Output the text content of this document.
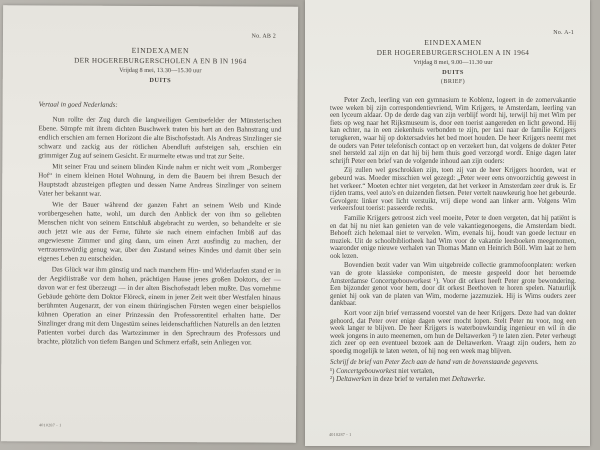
No. AB 2
EINDEXAMEN
DER HOGEREBURGERSCHOLEN A EN B IN 1964
Vrijdag 8 mei, 13.30—15.30 uur
DUITS

Vertaal in goed Nederlands:

Nun rollte der Zug durch die langweiligen Gemüsefelder der Münsterischen Ebene. Sümpfe mit ihrem dichten Buschwerk traten bis hart an den Bahnstrang und endlich erschien am fernen Horizont die alte Bischofsstadt. Als Andreas Sinzlinger sie schwarz und zackig aus der rötlichen Abendluft aufsteigen sah, erschien ein grimmiger Zug auf seinem Gesicht. Er murmelte etwas und trat zur Seite.

Mit seiner Frau und seinem blinden Kinde nahm er nicht weit vom „Romberger Hof“ in einem kleinen Hotel Wohnung, in dem die Bauern bei ihrem Besuch der Hauptstadt abzusteigen pflegten und dessen Name Andreas Sinzlinger von seinem Vater her bekannt war.

Wie der Bauer während der ganzen Fahrt an seinem Weib und Kinde vorübergesehen hatte, wohl, um durch den Anblick der von ihm so geliebten Menschen nicht von seinem Entschluß abgebracht zu werden, so behandelte er sie auch jetzt wie aus der Ferne, führte sie nach einem einfachen Imbiß auf das angewiesene Zimmer und ging dann, um einen Arzt ausfindig zu machen, der vertrauenswürdig genug war, über den Zustand seines Kindes und damit über sein eigenes Leben zu entscheiden.

Das Glück war ihm günstig und nach manchem Hin- und Widerlaufen stand er in der Aegidiistraße vor dem hohen, prächtigen Hause jenes großen Doktors, der — davon war er fest überzeugt — in der alten Bischofsstadt leben mußte. Das vornehme Gebäude gehörte dem Doktor Flöreck, einem in jener Zeit weit über Westfalen hinaus berühmten Augenarzt, der von einem thüringischen Fürsten wegen einer beispiellos kühnen Operation an einer Prinzessin den Professorentitel erhalten hatte. Der Sinzlinger drang mit dem Ungestüm seines leidenschaftlichen Naturells an den letzten Patienten vorbei durch das Wartezimmer in den Sprechraum des Professors und brachte, plötzlich von tiefem Bangen und Schmerz erfaßt, sein Anliegen vor.

4010287 - 1
No. A-1
EINDEXAMEN
DER HOGEREBURGERSCHOLEN A IN 1964
Vrijdag 8 mei, 9.00—11.30 uur
DUITS
(BRIEF)

Peter Zech, leerling van een gymnasium te Koblenz, logeert in de zomervakantie twee weken bij zijn correspondentievriend, Wim Krijgers, te Amsterdam, leerling van een lyceum aldaar. Op de derde dag van zijn verblijf wordt hij, terwijl hij met Wim per fiets op weg naar het Rijksmuseum is, door een toerist aangereden en licht gewond. Hij kan echter, na in een ziekenhuis verbonden te zijn, per taxi naar de familie Krijgers terugkeren, waar hij op doktersadvies het bed moet houden. De heer Krijgers neemt met de ouders van Peter telefonisch contact op en verzekert hun, dat volgens de dokter Peter snel hersteld zal zijn en dat hij bij hem thuis goed verzorgd wordt. Enige dagen later schrijft Peter een brief van de volgende inhoud aan zijn ouders:

Zij zullen wel geschrokken zijn, toen zij van de heer Krijgers hoorden, wat er gebeurd was. Moeder misschien wel gezegd: „Peter weer eens onvoorzichtig geweest in het verkeer.“ Moeten echter niet vergeten, dat het verkeer in Amsterdam zeer druk is. Er rijden trams, veel auto's en duizenden fietsen. Peter vertelt nauwkeurig hoe het gebeurde. Gevolgen: linker voet licht verstuikt, vrij diepe wond aan linker arm. Volgens Wim verkeersfout toerist: passeerde rechts.

Familie Krijgers getroost zich veel moeite, Peter te doen vergeten, dat hij patiënt is en dat hij nu niet kan genieten van de vele vakantiegenoegens, die Amsterdam biedt. Behoeft zich helemaal niet te vervelen. Wim, evenals hij, houdt van goede lectuur en muziek. Uit de schoolbibliotheek had Wim voor de vakantie leesboeken meegenomen, waaronder enige nieuwe verhalen van Thomas Mann en Heinrich Böll. Wim laat ze hem ook lezen.

Bovendien bezit vader van Wim uitgebreide collectie grammofoonplaten: werken van de grote klassieke componisten, de meeste gespeeld door het beroemde Amsterdamse Concertgebouworkest ¹). Voor dit orkest heeft Peter grote bewondering. Een bijzonder genot voor hem, door dit orkest Beethoven te horen spelen. Natuurlijk geniet hij ook van de platen van Wim, moderne jazzmuziek. Hij is Wims ouders zeer dankbaar.

Kort voor zijn brief verrassend voorstel van de heer Krijgers. Deze had van dokter gehoord, dat Peter over enige dagen weer mocht lopen. Stelt Peter nu voor, nog een week langer te blijven. De heer Krijgers is waterbouwkundig ingenieur en wil in die week jongens in auto meenemen, om hun de Deltawerken ²) te laten zien. Peter verheugt zich zeer op een eventueel bezoek aan de Deltawerken. Vraagt zijn ouders, hem zo spoedig mogelijk te laten weten, of hij nog een week mag blijven.

Schrijf de brief van Peter Zech aan de hand van de bovenstaande gegevens.

¹) Concertgebouworkest niet vertalen,

²) Deltawerken in deze brief te vertalen met Deltawerke.

4010287 - 1
